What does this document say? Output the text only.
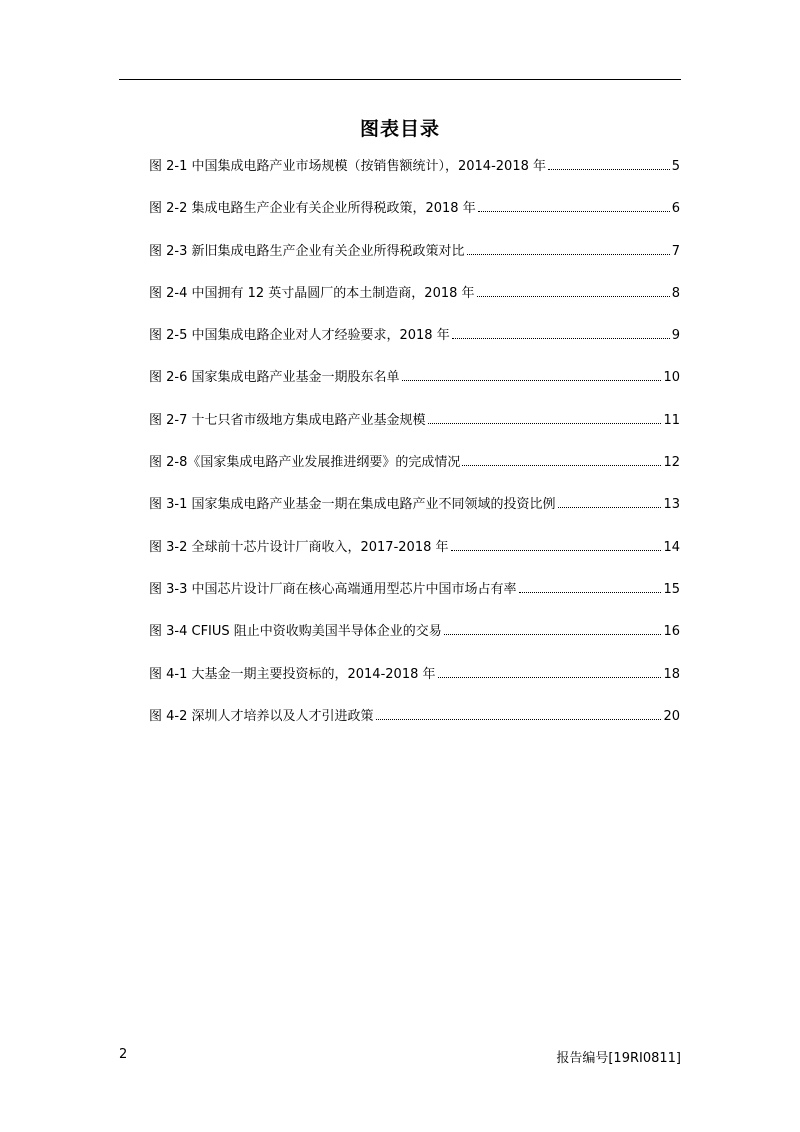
图表目录
图 2-1 中国集成电路产业市场规模（按销售额统计），2014-2018 年	5
图 2-2 集成电路生产企业有关企业所得税政策，2018 年	6
图 2-3 新旧集成电路生产企业有关企业所得税政策对比	7
图 2-4 中国拥有 12 英寸晶圆厂的本土制造商，2018 年	8
图 2-5 中国集成电路企业对人才经验要求，2018 年	9
图 2-6 国家集成电路产业基金一期股东名单	10
图 2-7 十七只省市级地方集成电路产业基金规模	11
图 2-8《国家集成电路产业发展推进纲要》的完成情况	12
图 3-1 国家集成电路产业基金一期在集成电路产业不同领域的投资比例	13
图 3-2 全球前十芯片设计厂商收入，2017-2018 年	14
图 3-3 中国芯片设计厂商在核心高端通用型芯片中国市场占有率	15
图 3-4 CFIUS 阻止中资收购美国半导体企业的交易	16
图 4-1 大基金一期主要投资标的，2014-2018 年	18
图 4-2 深圳人才培养以及人才引进政策	20
2	报告编号[19RI0811]
